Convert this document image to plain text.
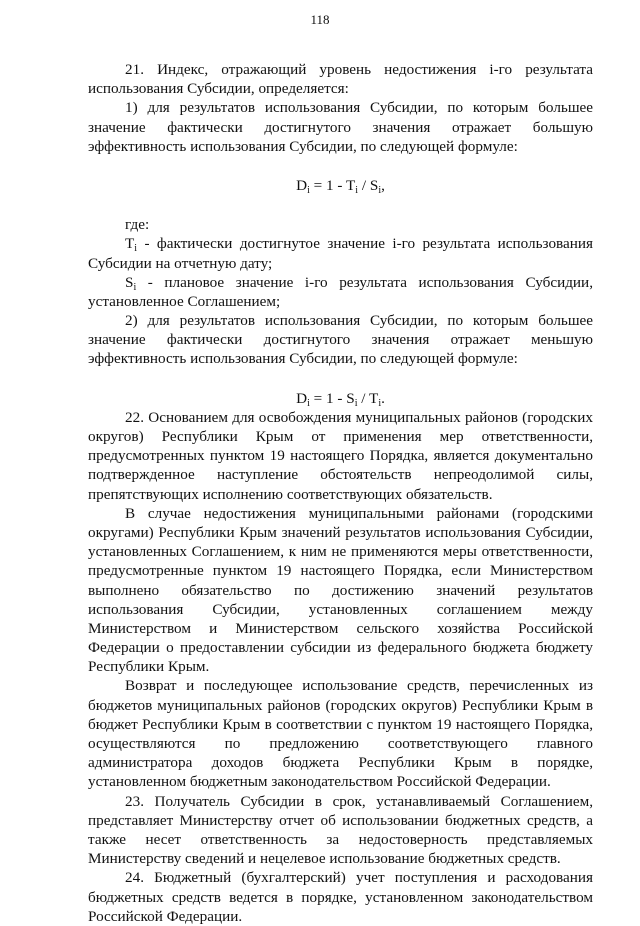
118
21. Индекс, отражающий уровень недостижения i-го результата
использования Субсидии, определяется:
1) для результатов использования Субсидии, по которым большее
значение фактически достигнутого значения отражает большую
эффективность использования Субсидии, по следующей формуле:
$D_i = 1 - T_i / S_i$,
где:
$T_i$ - фактически достигнутое значение i-го результата использования
Субсидии на отчетную дату;
$S_i$ - плановое значение i-го результата использования Субсидии,
установленное Соглашением;
2) для результатов использования Субсидии, по которым большее
значение фактически достигнутого значения отражает меньшую
эффективность использования Субсидии, по следующей формуле:
$D_i = 1 - S_i / T_i$.
22. Основанием для освобождения муниципальных районов (городских
округов) Республики Крым от применения мер ответственности,
предусмотренных пунктом 19 настоящего Порядка, является документально
подтвержденное наступление обстоятельств непреодолимой силы,
препятствующих исполнению соответствующих обязательств.
В случае недостижения муниципальными районами (городскими
округами) Республики Крым значений результатов использования Субсидии,
установленных Соглашением, к ним не применяются меры ответственности,
предусмотренные пунктом 19 настоящего Порядка, если Министерством
выполнено обязательство по достижению значений результатов
использования Субсидии, установленных соглашением между
Министерством и Министерством сельского хозяйства Российской
Федерации о предоставлении субсидии из федерального бюджета бюджету
Республики Крым.
Возврат и последующее использование средств, перечисленных из
бюджетов муниципальных районов (городских округов) Республики Крым в
бюджет Республики Крым в соответствии с пунктом 19 настоящего Порядка,
осуществляются по предложению соответствующего главного
администратора доходов бюджета Республики Крым в порядке,
установленном бюджетным законодательством Российской Федерации.
23. Получатель Субсидии в срок, устанавливаемый Соглашением,
представляет Министерству отчет об использовании бюджетных средств, а
также несет ответственность за недостоверность представляемых
Министерству сведений и нецелевое использование бюджетных средств.
24. Бюджетный (бухгалтерский) учет поступления и расходования
бюджетных средств ведется в порядке, установленном законодательством
Российской Федерации.
